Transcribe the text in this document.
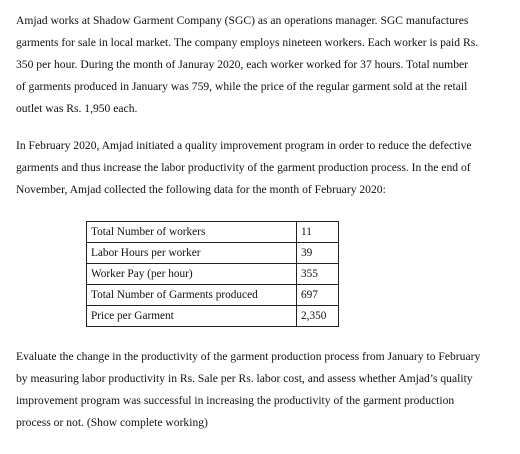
Amjad works at Shadow Garment Company (SGC) as an operations manager. SGC manufactures
garments for sale in local market. The company employs nineteen workers. Each worker is paid Rs.
350 per hour. During the month of Januray 2020, each worker worked for 37 hours. Total number
of garments produced in January was 759, while the price of the regular garment sold at the retail
outlet was Rs. 1,950 each.

In February 2020, Amjad initiated a quality improvement program in order to reduce the defective
garments and thus increase the labor productivity of the garment production process. In the end of
November, Amjad collected the following data for the month of February 2020:

Total Number of workers	11
Labor Hours per worker	39
Worker Pay (per hour)	355
Total Number of Garments produced	697
Price per Garment	2,350

Evaluate the change in the productivity of the garment production process from January to February
by measuring labor productivity in Rs. Sale per Rs. labor cost, and assess whether Amjad’s quality
improvement program was successful in increasing the productivity of the garment production
process or not. (Show complete working)
